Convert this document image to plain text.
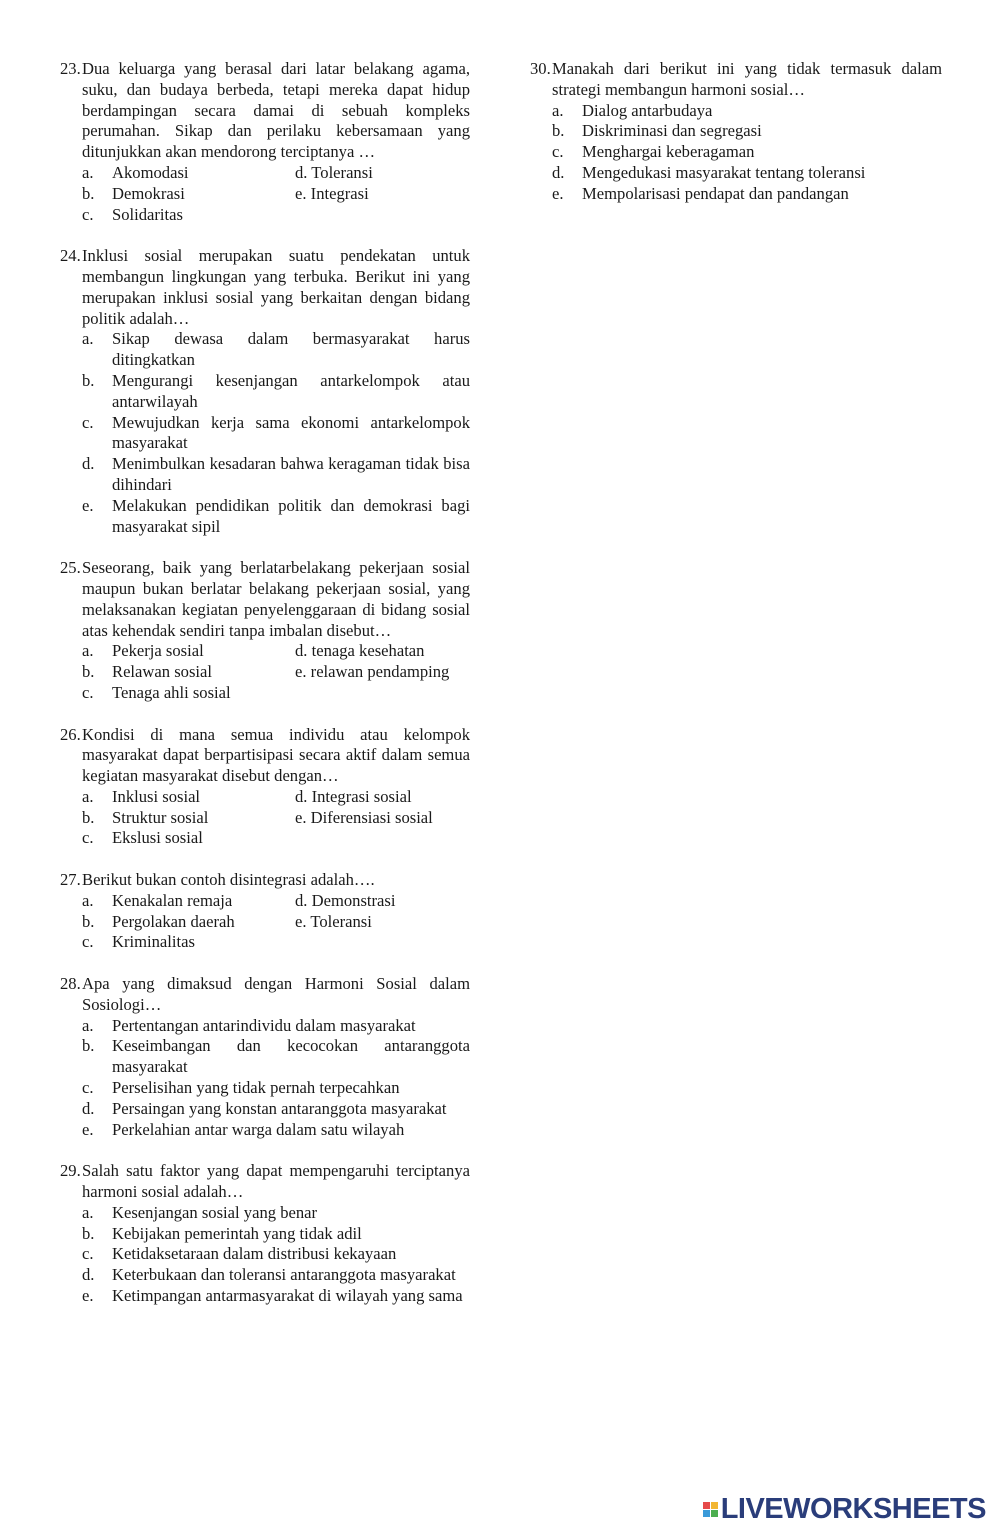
23. Dua keluarga yang berasal dari latar belakang agama, suku, dan budaya berbeda, tetapi mereka dapat hidup berdampingan secara damai di sebuah kompleks perumahan. Sikap dan perilaku kebersamaan yang ditunjukkan akan mendorong terciptanya …
a.	Akomodasi	d. Toleransi
b.	Demokrasi	e. Integrasi
c.	Solidaritas
24. Inklusi sosial merupakan suatu pendekatan untuk membangun lingkungan yang terbuka. Berikut ini yang merupakan inklusi sosial yang berkaitan dengan bidang politik adalah…
a.	Sikap dewasa dalam bermasyarakat harus ditingkatkan
b.	Mengurangi kesenjangan antarkelompok atau antarwilayah
c.	Mewujudkan kerja sama ekonomi antarkelompok masyarakat
d.	Menimbulkan kesadaran bahwa keragaman tidak bisa dihindari
e.	Melakukan pendidikan politik dan demokrasi bagi masyarakat sipil
25. Seseorang, baik yang berlatarbelakang pekerjaan sosial maupun bukan berlatar belakang pekerjaan sosial, yang melaksanakan kegiatan penyelenggaraan di bidang sosial atas kehendak sendiri tanpa imbalan disebut…
a.	Pekerja sosial	d. tenaga kesehatan
b.	Relawan sosial	e. relawan pendamping
c.	Tenaga ahli sosial
26. Kondisi di mana semua individu atau kelompok masyarakat dapat berpartisipasi secara aktif dalam semua kegiatan masyarakat disebut dengan…
a.	Inklusi sosial	d. Integrasi sosial
b.	Struktur sosial	e. Diferensiasi sosial
c.	Ekslusi sosial
27. Berikut bukan contoh disintegrasi adalah….
a.	Kenakalan remaja	d. Demonstrasi
b.	Pergolakan daerah	e. Toleransi
c.	Kriminalitas
28. Apa yang dimaksud dengan Harmoni Sosial dalam Sosiologi…
a.	Pertentangan antarindividu dalam masyarakat
b.	Keseimbangan dan kecocokan antaranggota masyarakat
c.	Perselisihan yang tidak pernah terpecahkan
d.	Persaingan yang konstan antaranggota masyarakat
e.	Perkelahian antar warga dalam satu wilayah
29. Salah satu faktor yang dapat mempengaruhi terciptanya harmoni sosial adalah…
a.	Kesenjangan sosial yang benar
b.	Kebijakan pemerintah yang tidak adil
c.	Ketidaksetaraan dalam distribusi kekayaan
d.	Keterbukaan dan toleransi antaranggota masyarakat
e.	Ketimpangan antarmasyarakat di wilayah yang sama
30. Manakah dari berikut ini yang tidak termasuk dalam strategi membangun harmoni sosial…
a.	Dialog antarbudaya
b.	Diskriminasi dan segregasi
c.	Menghargai keberagaman
d.	Mengedukasi masyarakat tentang toleransi
e.	Mempolarisasi pendapat dan pandangan
LIVEWORKSHEETS
